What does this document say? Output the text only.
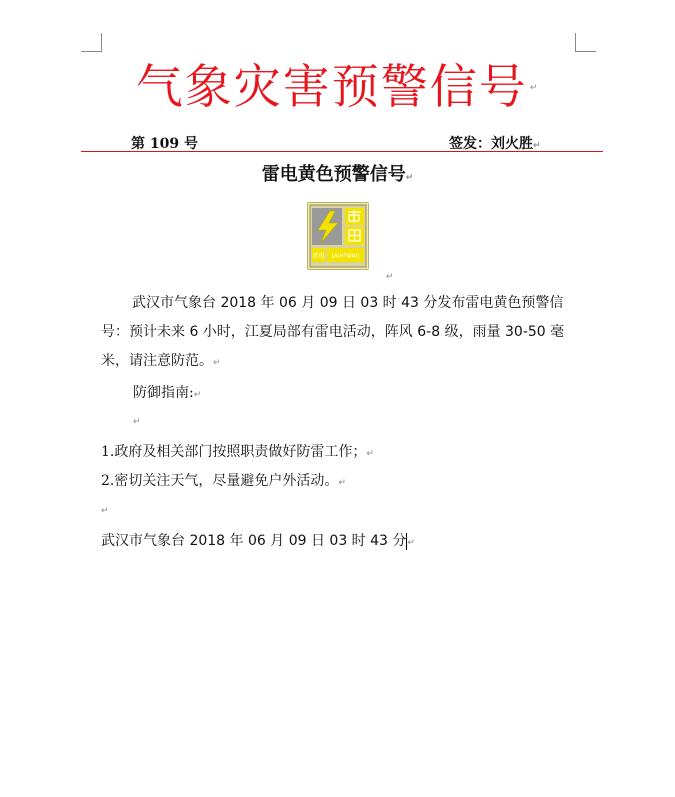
气象灾害预警信号 ↵
第 109 号	签发：刘火胜↵
雷电黄色预警信号↵
雷电 LIGHTNING
↵
武汉市气象台 2018 年 06 月 09 日 03 时 43 分发布雷电黄色预警信号：预计未来 6 小时，江夏局部有雷电活动，阵风 6-8 级，雨量 30-50 毫米，请注意防范。↵
防御指南:↵
↵
1.政府及相关部门按照职责做好防雷工作；↵
2.密切关注天气，尽量避免户外活动。↵
↵
武汉市气象台 2018 年 06 月 09 日 03 时 43 分↵
